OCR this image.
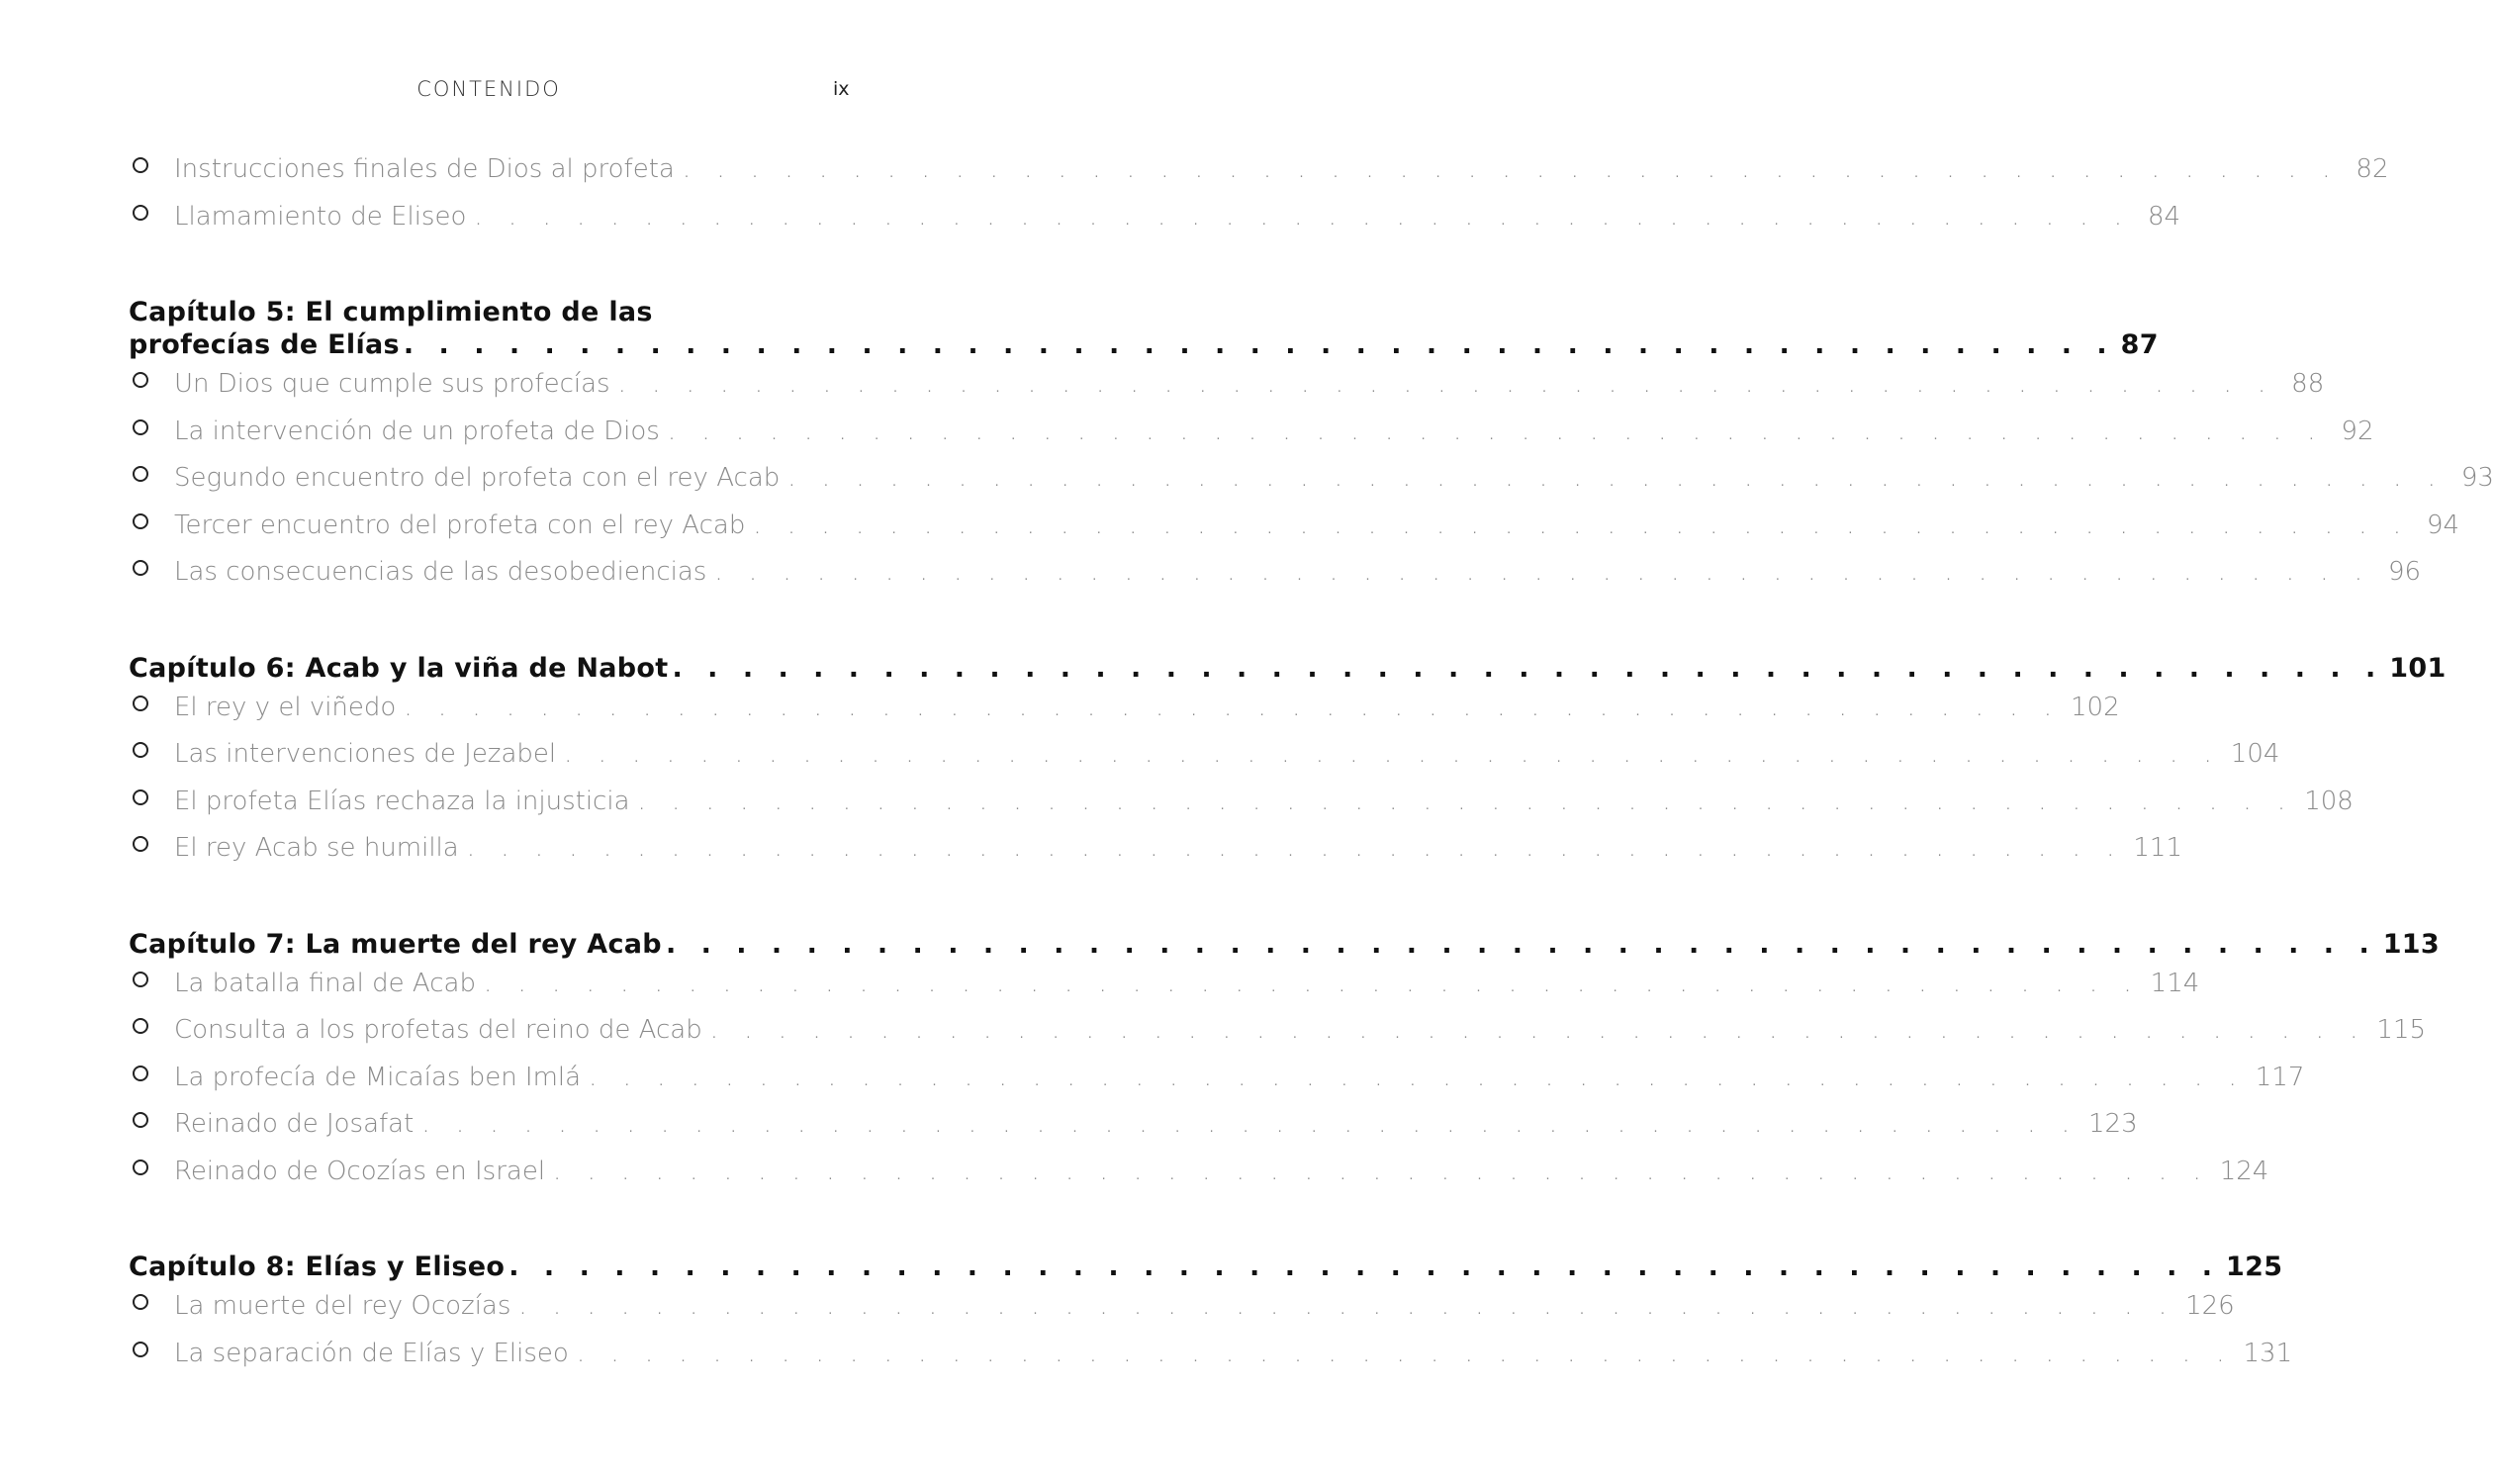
CONTENIDO	ix
Instrucciones finales de Dios al profeta . . . . . . . . . . . . . . . . . . . . . . . . . . . . . . . . . . . . . . . . . . . . . . . . . 82
Llamamiento de Eliseo . . . . . . . . . . . . . . . . . . . . . . . . . . . . . . . . . . . . . . . . . . . . . . . . . 84
Capítulo 5: El cumplimiento de las
profecías de Elías . . . . . . . . . . . . . . . . . . . . . . . . . . . . . . . . . . . . . . . . . . . . . . . . . 87
Un Dios que cumple sus profecías . . . . . . . . . . . . . . . . . . . . . . . . . . . . . . . . . . . . . . . . . . . . . . . . . 88
La intervención de un profeta de Dios . . . . . . . . . . . . . . . . . . . . . . . . . . . . . . . . . . . . . . . . . . . . . . . . . 92
Segundo encuentro del profeta con el rey Acab . . . . . . . . . . . . . . . . . . . . . . . . . . . . . . . . . . . . . . . . . . . . . . . . . 93
Tercer encuentro del profeta con el rey Acab . . . . . . . . . . . . . . . . . . . . . . . . . . . . . . . . . . . . . . . . . . . . . . . . . 94
Las consecuencias de las desobediencias . . . . . . . . . . . . . . . . . . . . . . . . . . . . . . . . . . . . . . . . . . . . . . . . . 96
Capítulo 6: Acab y la viña de Nabot . . . . . . . . . . . . . . . . . . . . . . . . . . . . . . . . . . . . . . . . . . . . . . . . . 101
El rey y el viñedo . . . . . . . . . . . . . . . . . . . . . . . . . . . . . . . . . . . . . . . . . . . . . . . . . 102
Las intervenciones de Jezabel . . . . . . . . . . . . . . . . . . . . . . . . . . . . . . . . . . . . . . . . . . . . . . . . . 104
El profeta Elías rechaza la injusticia . . . . . . . . . . . . . . . . . . . . . . . . . . . . . . . . . . . . . . . . . . . . . . . . . 108
El rey Acab se humilla . . . . . . . . . . . . . . . . . . . . . . . . . . . . . . . . . . . . . . . . . . . . . . . . . 111
Capítulo 7: La muerte del rey Acab . . . . . . . . . . . . . . . . . . . . . . . . . . . . . . . . . . . . . . . . . . . . . . . . . 113
La batalla final de Acab . . . . . . . . . . . . . . . . . . . . . . . . . . . . . . . . . . . . . . . . . . . . . . . . . 114
Consulta a los profetas del reino de Acab . . . . . . . . . . . . . . . . . . . . . . . . . . . . . . . . . . . . . . . . . . . . . . . . . 115
La profecía de Micaías ben Imlá . . . . . . . . . . . . . . . . . . . . . . . . . . . . . . . . . . . . . . . . . . . . . . . . . 117
Reinado de Josafat . . . . . . . . . . . . . . . . . . . . . . . . . . . . . . . . . . . . . . . . . . . . . . . . . 123
Reinado de Ocozías en Israel . . . . . . . . . . . . . . . . . . . . . . . . . . . . . . . . . . . . . . . . . . . . . . . . . 124
Capítulo 8: Elías y Eliseo . . . . . . . . . . . . . . . . . . . . . . . . . . . . . . . . . . . . . . . . . . . . . . . . . 125
La muerte del rey Ocozías . . . . . . . . . . . . . . . . . . . . . . . . . . . . . . . . . . . . . . . . . . . . . . . . . 126
La separación de Elías y Eliseo . . . . . . . . . . . . . . . . . . . . . . . . . . . . . . . . . . . . . . . . . . . . . . . . . 131
